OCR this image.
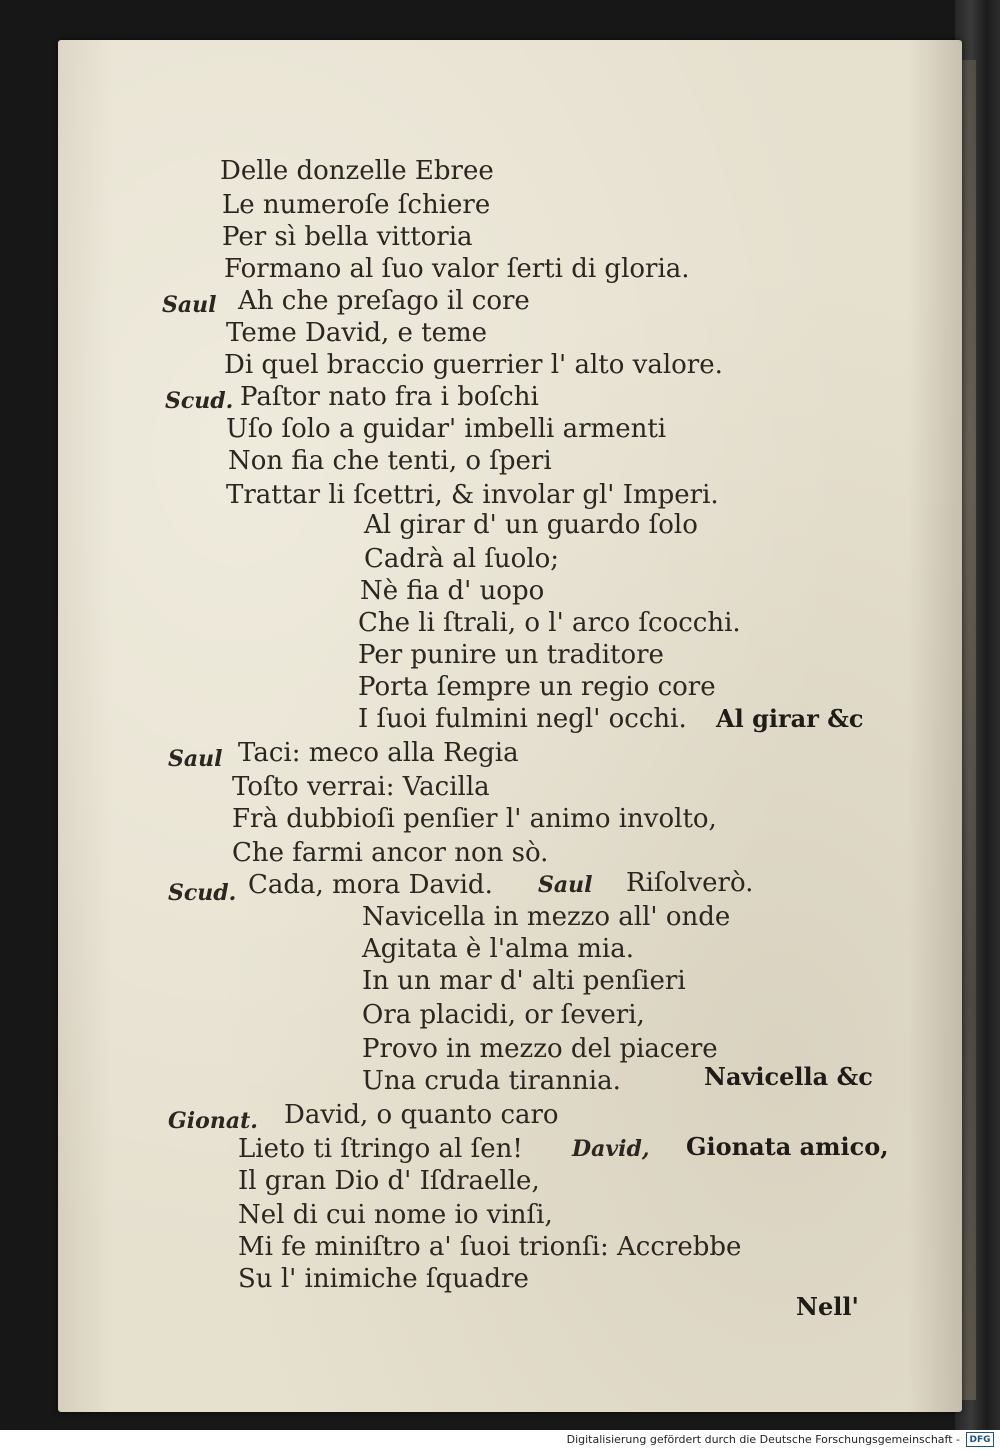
Delle donzelle Ebree
Le numeroſe ſchiere
Per sì bella vittoria
Formano al ſuo valor ſerti di gloria.
Saul Ah che preſago il core
Teme David, e teme
Di quel braccio guerrier l' alto valore.
Scud. Paſtor nato fra i boſchi
Uſo ſolo a guidar' imbelli armenti
Non fia che tenti, o ſperi
Trattar li ſcettri, & involar gl' Imperi.
Al girar d' un guardo ſolo
Cadrà al ſuolo;
Nè fia d' uopo
Che li ſtrali, o l' arco ſcocchi.
Per punire un traditore
Porta ſempre un regio core
I ſuoi fulmini negl' occhi. Al girar &c
Saul Taci: meco alla Regia
Toſto verrai: Vacilla
Frà dubbioſi penſier l' animo involto,
Che farmi ancor non sò.
Scud. Cada, mora David. Saul Riſolverò.
Navicella in mezzo all' onde
Agitata è l'alma mia.
In un mar d' alti penſieri
Ora placidi, or ſeveri,
Provo in mezzo del piacere
Una cruda tirannia.	Navicella &c
Gionat. David, o quanto caro
Lieto ti ſtringo al ſen! David, Gionata amico,
Il gran Dio d' Iſdraelle,
Nel di cui nome io vinſi,
Mi fe miniſtro a' ſuoi trionſi: Accrebbe
Su l' inimiche ſquadre
Nell'
Digitalisierung gefördert durch die Deutsche Forschungsgemeinschaft -	DFG
